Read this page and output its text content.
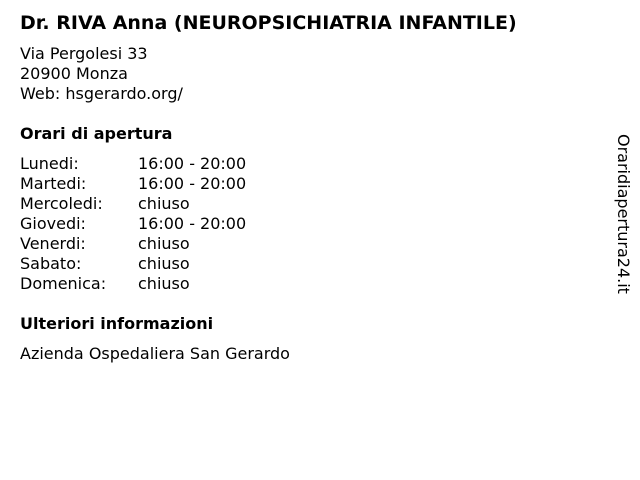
Dr. RIVA Anna (NEUROPSICHIATRIA INFANTILE)
Via Pergolesi 33
20900 Monza
Web: hsgerardo.org/
Orari di apertura
Lunedi:	16:00 - 20:00
Martedi:	16:00 - 20:00
Mercoledi:	chiuso
Giovedi:	16:00 - 20:00
Venerdi:	chiuso
Sabato:	chiuso
Domenica:	chiuso
Ulteriori informazioni
Azienda Ospedaliera San Gerardo
Oraridiapertura24.it
